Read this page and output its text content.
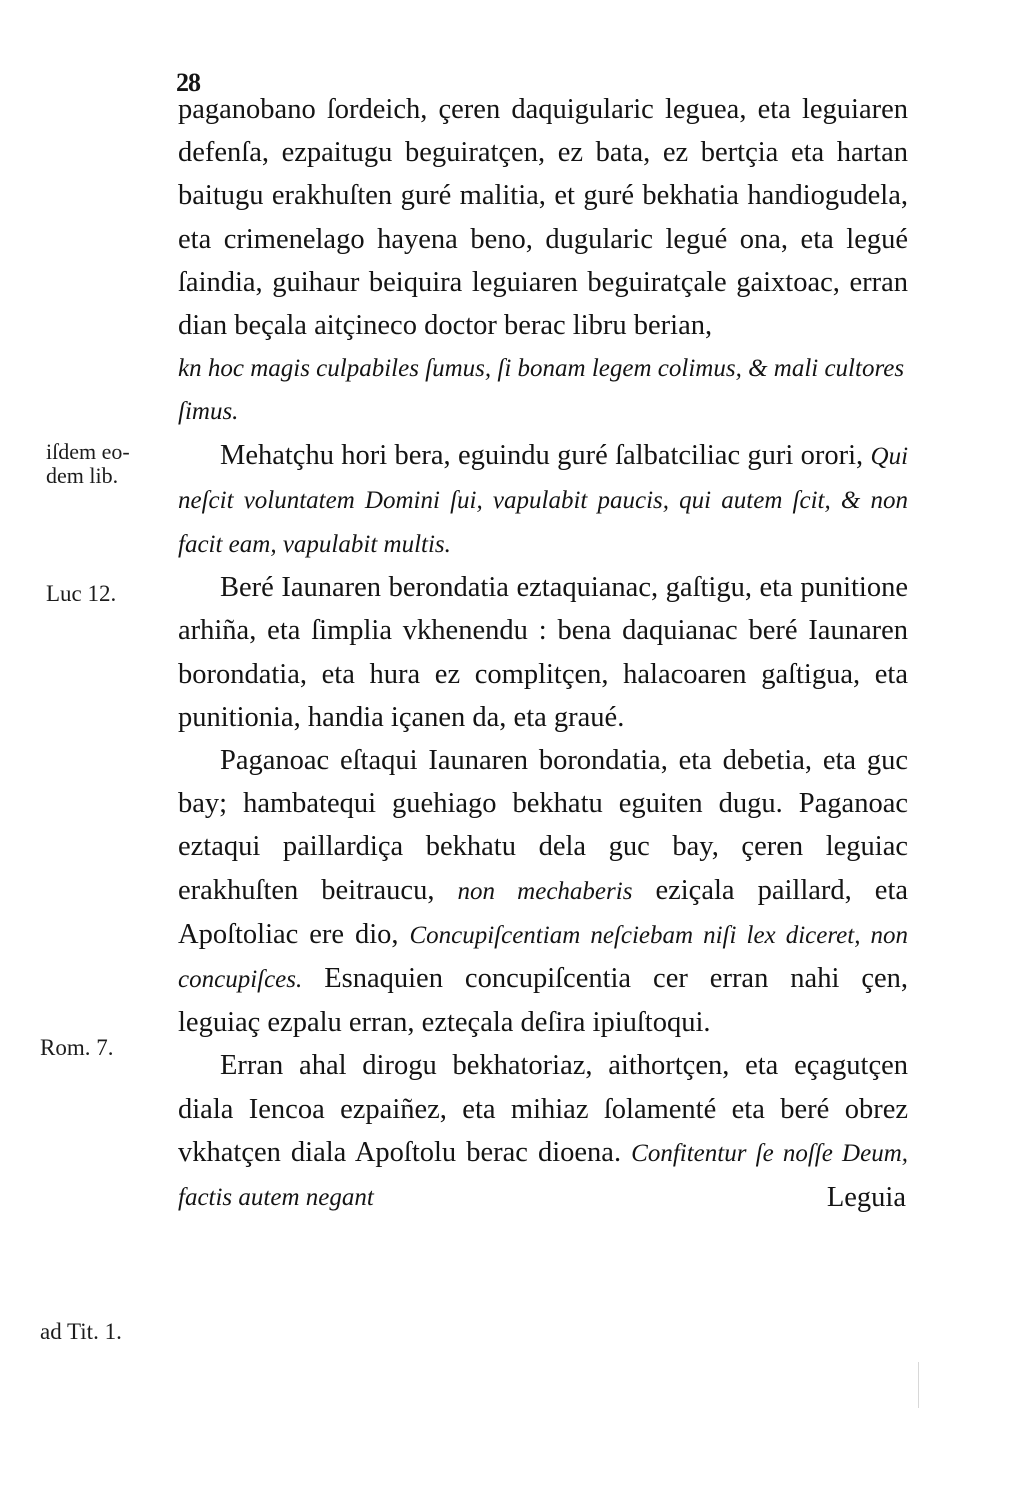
28
iſdem eo-
dem lib.
Luc 12.
Rom. 7.
ad Tit. 1.

paganobano ſordeich, çeren daquigularic leguea, eta leguiaren defenſa, ezpaitugu beguiratçen, ez bata, ez bertçia eta hartan baitugu erakhuſten guré malitia, et guré bekhatia handiogudela, eta crimenelago hayena beno, dugularic legué ona, eta legué ſaindia, guihaur beiquira leguiaren beguiratçale gaixtoac, erran dian beçala aitçineco doctor berac libru berian,

kn hoc magis culpabiles ſumus, ſi bonam legem colimus, & mali cultores ſimus.

Mehatçhu hori bera, eguindu guré ſalbatciliac guri orori, Qui neſcit voluntatem Domini ſui, vapulabit paucis, qui autem ſcit, & non facit eam, vapulabit multis.

Beré Iaunaren berondatia eztaquianac, gaſtigu, eta punitione arhiña, eta ſimplia vkhenendu : bena daquianac beré Iaunaren borondatia, eta hura ez complitçen, halacoaren gaſtigua, eta punitionia, handia içanen da, eta graué.

Paganoac eſtaqui Iaunaren borondatia, eta debetia, eta guc bay; hambatequi guehiago bekhatu eguiten dugu. Paganoac eztaqui paillardiça bekhatu dela guc bay, çeren leguiac erakhuſten beitraucu, non mechaberis eziçala paillard, eta Apoſtoliac ere dio, Concupiſcentiam neſciebam niſi lex diceret, non concupiſces. Esnaquien concupiſcentia cer erran nahi çen, leguiaç ezpalu erran, ezteçala deſira ipiuſtoqui.

Erran ahal dirogu bekhatoriaz, aithortçen, eta eçagutçen diala Iencoa ezpaiñez, eta mihiaz ſolamenté eta beré obrez vkhatçen diala Apoſtolu berac dioena. Confitentur ſe noſſe Deum, factis autem negant	Leguia
